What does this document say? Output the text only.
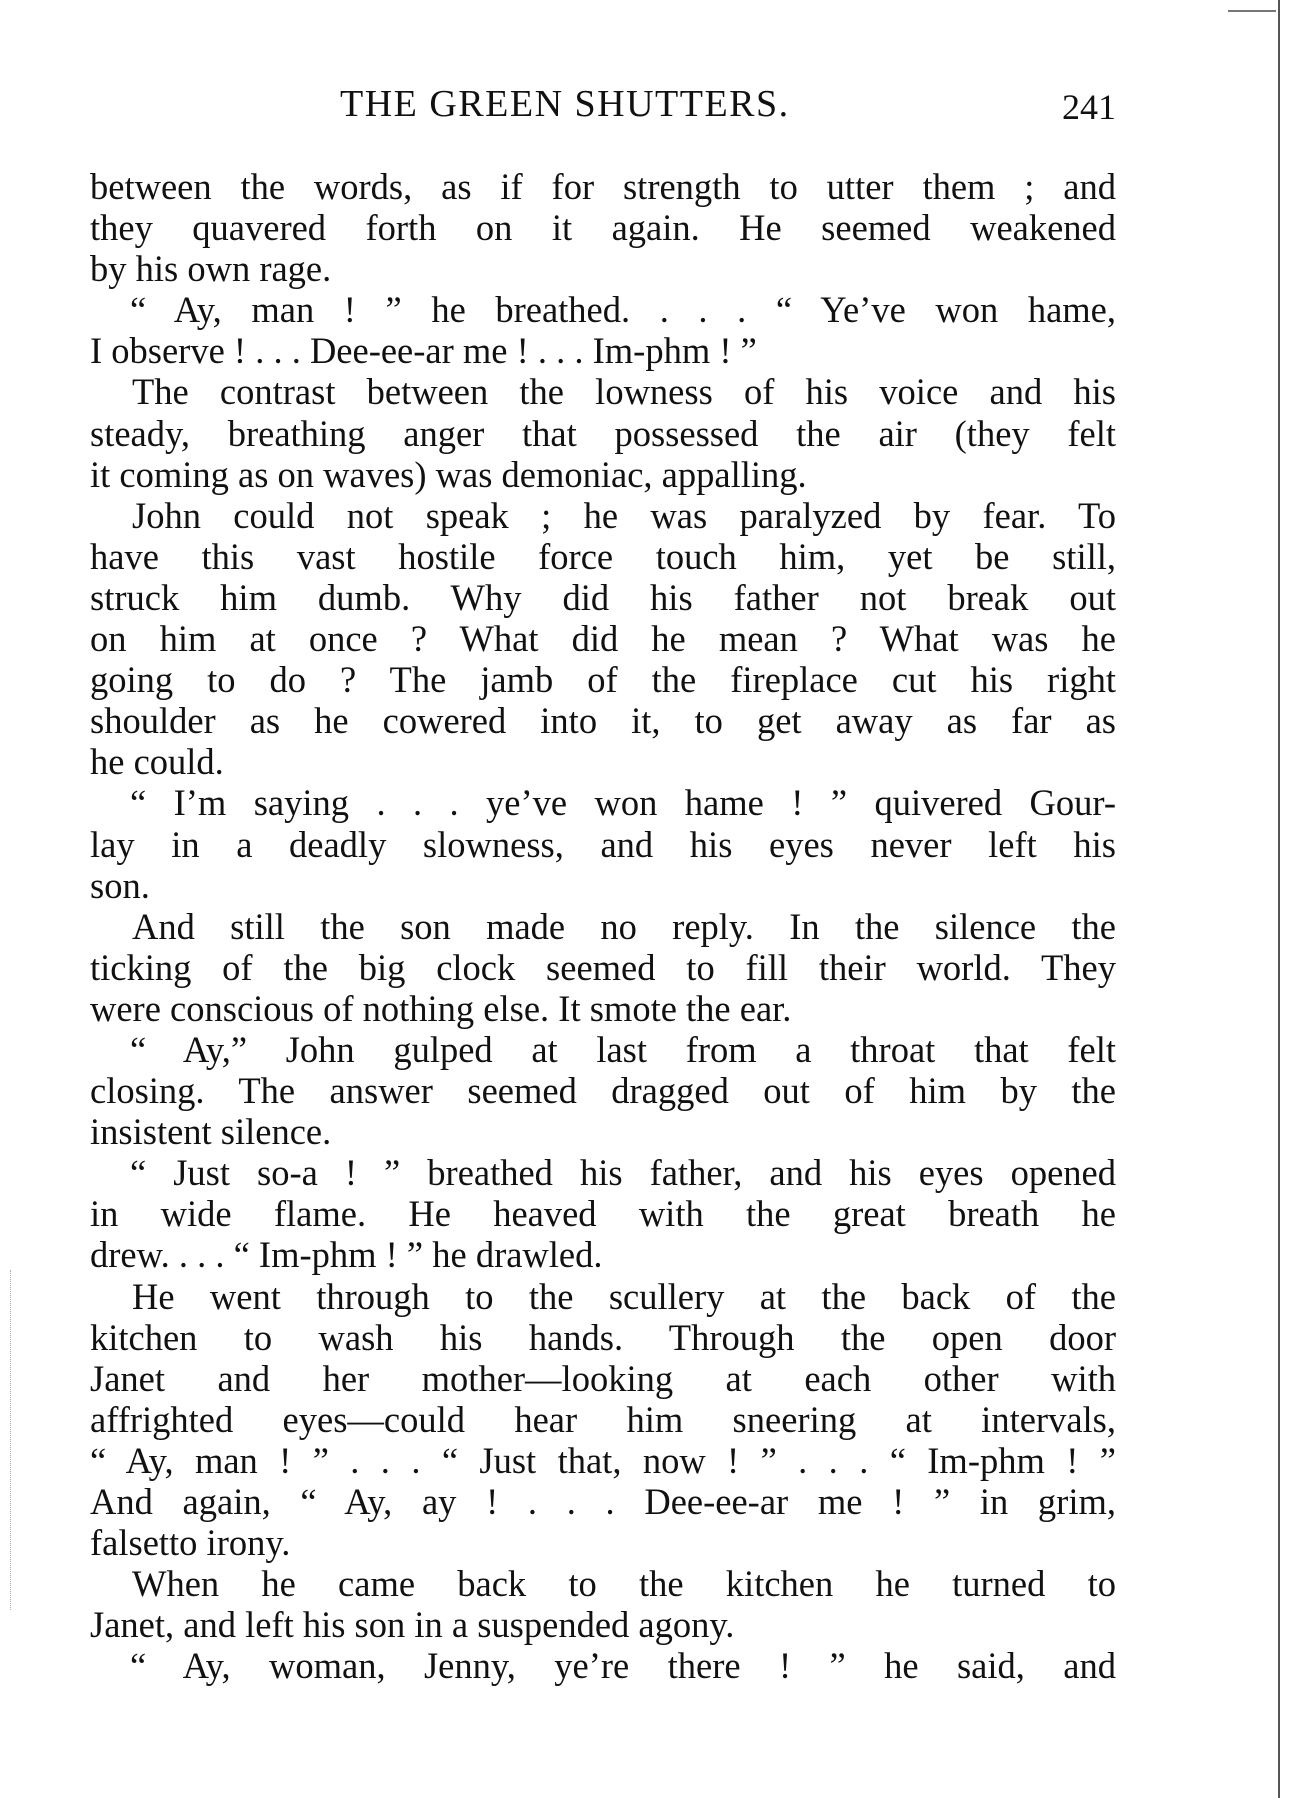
THE GREEN SHUTTERS.	241
between the words, as if for strength to utter them ; and
they quavered forth on it again. He seemed weakened
by his own rage.
“ Ay, man ! ” he breathed. . . . “ Ye’ve won hame,
I observe ! . . . Dee-ee-ar me ! . . . Im-phm ! ”
The contrast between the lowness of his voice and his
steady, breathing anger that possessed the air (they felt
it coming as on waves) was demoniac, appalling.
John could not speak ; he was paralyzed by fear. To
have this vast hostile force touch him, yet be still,
struck him dumb. Why did his father not break out
on him at once ? What did he mean ? What was he
going to do ? The jamb of the fireplace cut his right
shoulder as he cowered into it, to get away as far as
he could.
“ I’m saying . . . ye’ve won hame ! ” quivered Gour-
lay in a deadly slowness, and his eyes never left his
son.
And still the son made no reply. In the silence the
ticking of the big clock seemed to fill their world. They
were conscious of nothing else. It smote the ear.
“ Ay,” John gulped at last from a throat that felt
closing. The answer seemed dragged out of him by the
insistent silence.
“ Just so-a ! ” breathed his father, and his eyes opened
in wide flame. He heaved with the great breath he
drew. . . . “ Im-phm ! ” he drawled.
He went through to the scullery at the back of the
kitchen to wash his hands. Through the open door
Janet and her mother—looking at each other with
affrighted eyes—could hear him sneering at intervals,
“ Ay, man ! ” . . . “ Just that, now ! ” . . . “ Im-phm ! ”
And again, “ Ay, ay ! . . . Dee-ee-ar me ! ” in grim,
falsetto irony.
When he came back to the kitchen he turned to
Janet, and left his son in a suspended agony.
“ Ay, woman, Jenny, ye’re there ! ” he said, and
